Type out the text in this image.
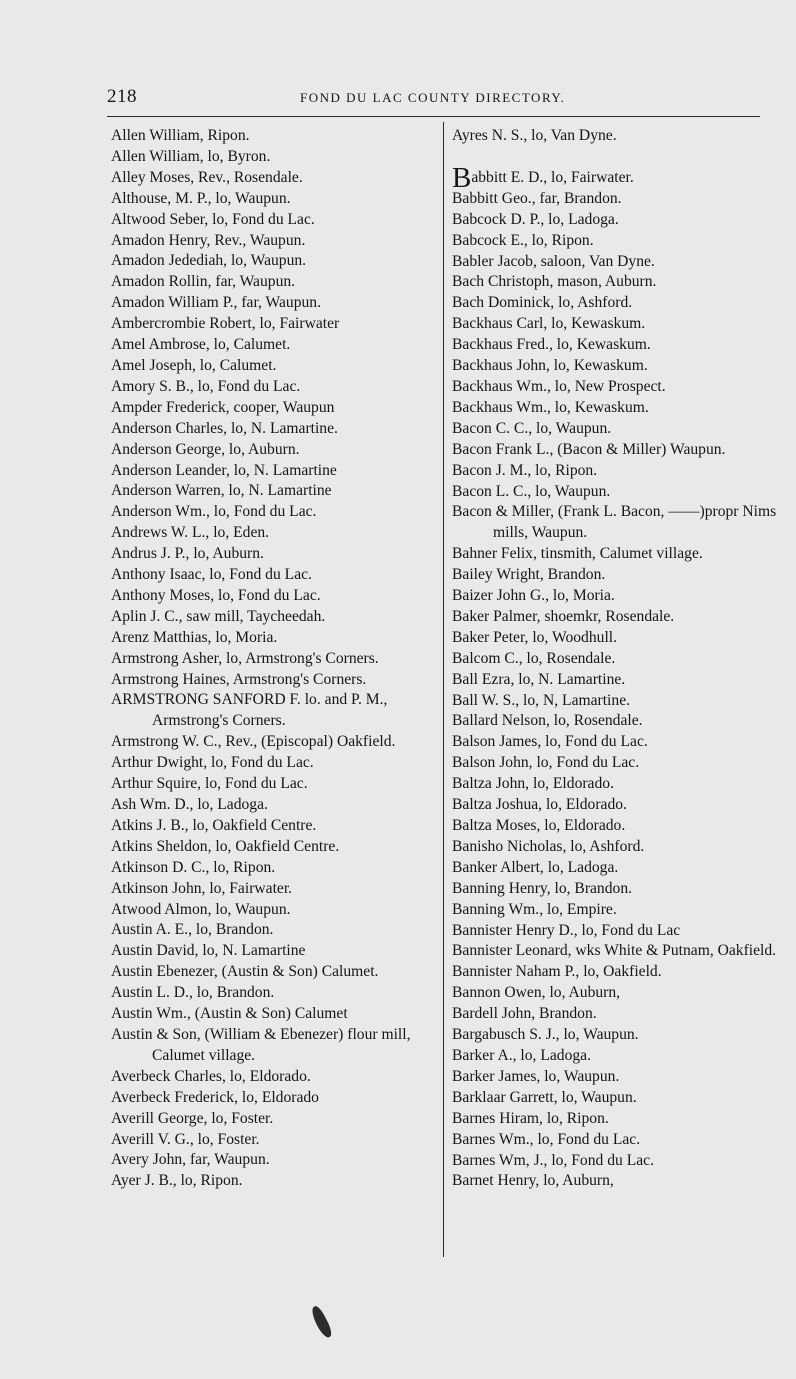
218	FOND DU LAC COUNTY DIRECTORY.
Allen William, Ripon.
Allen William, lo, Byron.
Alley Moses, Rev., Rosendale.
Althouse, M. P., lo, Waupun.
Altwood Seber, lo, Fond du Lac.
Amadon Henry, Rev., Waupun.
Amadon Jedediah, lo, Waupun.
Amadon Rollin, far, Waupun.
Amadon William P., far, Waupun.
Ambercrombie Robert, lo, Fairwater
Amel Ambrose, lo, Calumet.
Amel Joseph, lo, Calumet.
Amory S. B., lo, Fond du Lac.
Ampder Frederick, cooper, Waupun
Anderson Charles, lo, N. Lamartine.
Anderson George, lo, Auburn.
Anderson Leander, lo, N. Lamartine
Anderson Warren, lo, N. Lamartine
Anderson Wm., lo, Fond du Lac.
Andrews W. L., lo, Eden.
Andrus J. P., lo, Auburn.
Anthony Isaac, lo, Fond du Lac.
Anthony Moses, lo, Fond du Lac.
Aplin J. C., saw mill, Taycheedah.
Arenz Matthias, lo, Moria.
Armstrong Asher, lo, Armstrong's Corners.
Armstrong Haines, Armstrong's Corners.
ARMSTRONG SANFORD F. lo. and P. M., Armstrong's Corners.
Armstrong W. C., Rev., (Episcopal) Oakfield.
Arthur Dwight, lo, Fond du Lac.
Arthur Squire, lo, Fond du Lac.
Ash Wm. D., lo, Ladoga.
Atkins J. B., lo, Oakfield Centre.
Atkins Sheldon, lo, Oakfield Centre.
Atkinson D. C., lo, Ripon.
Atkinson John, lo, Fairwater.
Atwood Almon, lo, Waupun.
Austin A. E., lo, Brandon.
Austin David, lo, N. Lamartine
Austin Ebenezer, (Austin & Son) Calumet.
Austin L. D., lo, Brandon.
Austin Wm., (Austin & Son) Calumet
Austin & Son, (William & Ebenezer) flour mill, Calumet village.
Averbeck Charles, lo, Eldorado.
Averbeck Frederick, lo, Eldorado
Averill George, lo, Foster.
Averill V. G., lo, Foster.
Avery John, far, Waupun.
Ayer J. B., lo, Ripon.
Ayres N. S., lo, Van Dyne.
Babbitt E. D., lo, Fairwater.
Babbitt Geo., far, Brandon.
Babcock D. P., lo, Ladoga.
Babcock E., lo, Ripon.
Babler Jacob, saloon, Van Dyne.
Bach Christoph, mason, Auburn.
Bach Dominick, lo, Ashford.
Backhaus Carl, lo, Kewaskum.
Backhaus Fred., lo, Kewaskum.
Backhaus John, lo, Kewaskum.
Backhaus Wm., lo, New Prospect.
Backhaus Wm., lo, Kewaskum.
Bacon C. C., lo, Waupun.
Bacon Frank L., (Bacon & Miller) Waupun.
Bacon J. M., lo, Ripon.
Bacon L. C., lo, Waupun.
Bacon & Miller, (Frank L. Bacon, ——)propr Nims mills, Waupun.
Bahner Felix, tinsmith, Calumet village.
Bailey Wright, Brandon.
Baizer John G., lo, Moria.
Baker Palmer, shoemkr, Rosendale.
Baker Peter, lo, Woodhull.
Balcom C., lo, Rosendale.
Ball Ezra, lo, N. Lamartine.
Ball W. S., lo, N, Lamartine.
Ballard Nelson, lo, Rosendale.
Balson James, lo, Fond du Lac.
Balson John, lo, Fond du Lac.
Baltza John, lo, Eldorado.
Baltza Joshua, lo, Eldorado.
Baltza Moses, lo, Eldorado.
Banisho Nicholas, lo, Ashford.
Banker Albert, lo, Ladoga.
Banning Henry, lo, Brandon.
Banning Wm., lo, Empire.
Bannister Henry D., lo, Fond du Lac
Bannister Leonard, wks White & Putnam, Oakfield.
Bannister Naham P., lo, Oakfield.
Bannon Owen, lo, Auburn,
Bardell John, Brandon.
Bargabusch S. J., lo, Waupun.
Barker A., lo, Ladoga.
Barker James, lo, Waupun.
Barklaar Garrett, lo, Waupun.
Barnes Hiram, lo, Ripon.
Barnes Wm., lo, Fond du Lac.
Barnes Wm, J., lo, Fond du Lac.
Barnet Henry, lo, Auburn,
